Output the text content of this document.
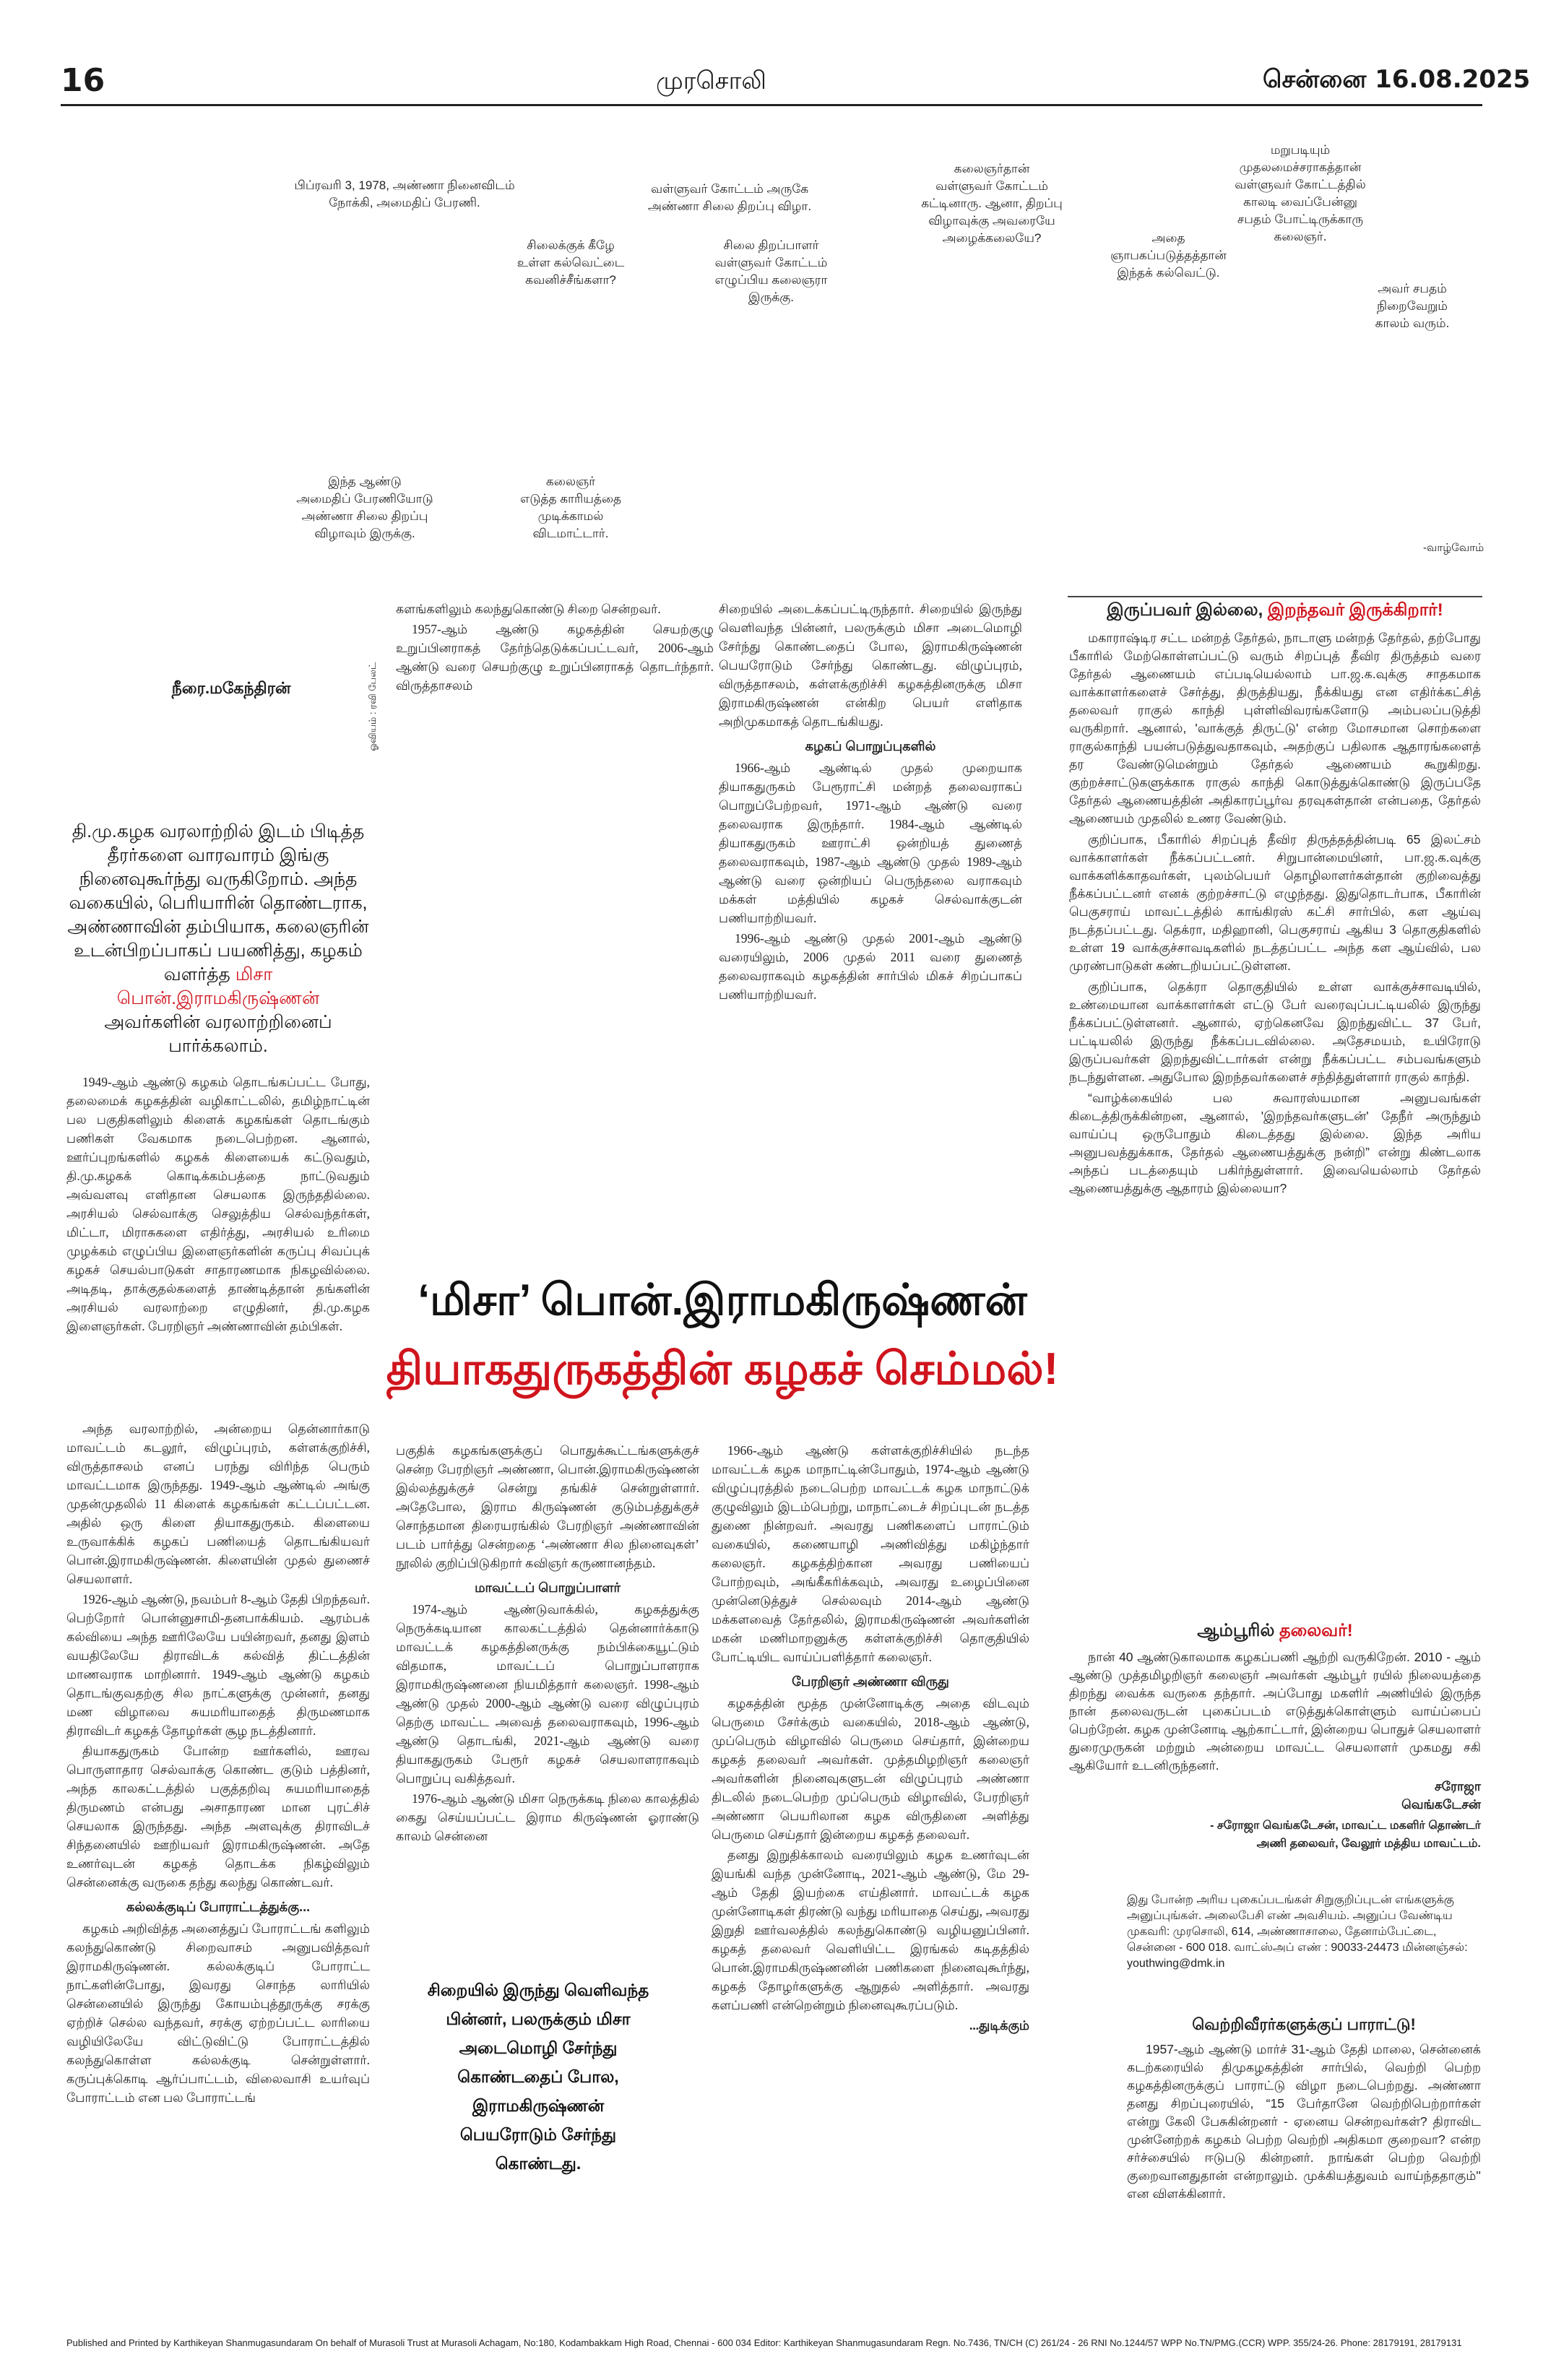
16	முரசொலி	சென்னை 16.08.2025
பிப்ரவரி 3, 1978, அண்ணா நினைவிடம்
நோக்கி, அமைதிப் பேரணி.
வள்ளுவர் கோட்டம் அருகே
அண்ணா சிலை திறப்பு விழா.
சிலைக்குக் கீழே
உள்ள கல்வெட்டை
கவனிச்சீங்களா?
சிலை திறப்பாளர்
வள்ளுவர் கோட்டம்
எழுப்பிய கலைஞரா
இருக்கு.
கலைஞர்தான்
வள்ளுவர் கோட்டம்
கட்டினாரு. ஆனா, திறப்பு
விழாவுக்கு அவரையே
அழைக்கலையே?	அதை
ஞாபகப்படுத்தத்தான்
இந்தக் கல்வெட்டு.
மறுபடியும்
முதலமைச்சராகத்தான்
வள்ளுவர் கோட்டத்தில்
காலடி வைப்பேன்னு
சபதம் போட்டிருக்காரு
கலைஞர்.
அவர் சபதம்
நிறைவேறும்
காலம் வரும்.
இந்த ஆண்டு
அமைதிப் பேரணியோடு
அண்ணா சிலை திறப்பு
விழாவும் இருக்கு.
கலைஞர்
எடுத்த காரியத்தை
முடிக்காமல்
விடமாட்டார்.
-வாழ்வோம்
நீரை.மகேந்திரன்	ஓவியம் : ரவி பேலட்
தி.மு.கழக வரலாற்றில் இடம் பிடித்த தீரர்களை வாரவாரம் இங்கு நினைவுகூர்ந்து வருகிறோம். அந்த வகையில், பெரியாரின் தொண்டராக, அண்ணாவின் தம்பியாக, கலைஞரின் உடன்பிறப்பாகப் பயணித்து, கழகம் வளர்த்த மிசா பொன்.இராமகிருஷ்ணன் அவர்களின் வரலாற்றினைப் பார்க்கலாம்.

1949-ஆம் ஆண்டு கழகம் தொடங்கப்பட்ட போது, தலைமைக் கழகத்தின் வழிகாட்டலில், தமிழ்நாட்டின் பல பகுதிகளிலும் கிளைக் கழகங்கள் தொடங்கும் பணிகள் வேகமாக நடைபெற்றன. ஆனால், ஊர்ப்புறங்களில் கழகக் கிளையைக் கட்டுவதும், தி.மு.கழகக் கொடிக்கம்பத்தை நாட்டுவதும் அவ்வளவு எளிதான செயலாக இருந்ததில்லை. அரசியல் செல்வாக்கு செலுத்திய செல்வந்தர்கள், மிட்டா, மிராசுகளை எதிர்த்து, அரசியல் உரிமை முழக்கம் எழுப்பிய இளைஞர்களின் கருப்பு சிவப்புக் கழகச் செயல்பாடுகள் சாதாரணமாக நிகழவில்லை. அடிதடி, தாக்குதல்களைத் தாண்டித்தான் தங்களின் அரசியல் வரலாற்றை எழுதினர், தி.மு.கழக இளைஞர்கள். பேரறிஞர் அண்ணாவின் தம்பிகள்.

களங்களிலும் கலந்துகொண்டு சிறை சென்றவர்.

1957-ஆம் ஆண்டு கழகத்தின் செயற்குழு உறுப்பினராகத் தேர்ந்தெடுக்கப்பட்டவர், 2006-ஆம் ஆண்டு வரை செயற்குழு உறுப்பினராகத் தொடர்ந்தார். விருத்தாசலம்

சிறையில் அடைக்கப்பட்டிருந்தார். சிறையில் இருந்து வெளிவந்த பின்னர், பலருக்கும் மிசா அடைமொழி சேர்ந்து கொண்டதைப் போல, இராமகிருஷ்ணன் பெயரோடும் சேர்ந்து கொண்டது. விழுப்புரம், விருத்தாசலம், கள்ளக்குறிச்சி கழகத்தினருக்கு மிசா இராமகிருஷ்ணன் என்கிற பெயர் எளிதாக அறிமுகமாகத் தொடங்கியது.

கழகப் பொறுப்புகளில்

1966-ஆம் ஆண்டில் முதல் முறையாக தியாகதுருகம் பேரூராட்சி மன்றத் தலைவராகப் பொறுப்பேற்றவர், 1971-ஆம் ஆண்டு வரை தலைவராக இருந்தார். 1984-ஆம் ஆண்டில் தியாகதுருகம் ஊராட்சி ஒன்றியத் துணைத் தலைவராகவும், 1987-ஆம் ஆண்டு முதல் 1989-ஆம் ஆண்டு வரை ஒன்றியப் பெருந்தலை வராகவும் மக்கள் மத்தியில் கழகச் செல்வாக்குடன் பணியாற்றியவர்.

1996-ஆம் ஆண்டு முதல் 2001-ஆம் ஆண்டு வரையிலும், 2006 முதல் 2011 வரை துணைத் தலைவராகவும் கழகத்தின் சார்பில் மிகச் சிறப்பாகப் பணியாற்றியவர்.

‘மிசா’ பொன்.இராமகிருஷ்ணன்
தியாகதுருகத்தின் கழகச் செம்மல்!

அந்த வரலாற்றில், அன்றைய தென்னார்காடு மாவட்டம் கடலூர், விழுப்புரம், கள்ளக்குறிச்சி, விருத்தாசலம் எனப் பரந்து விரிந்த பெரும் மாவட்டமாக இருந்தது. 1949-ஆம் ஆண்டில் அங்கு முதன்முதலில் 11 கிளைக் கழகங்கள் கட்டப்பட்டன. அதில் ஒரு கிளை தியாகதுருகம். கிளையை உருவாக்கிக் கழகப் பணியைத் தொடங்கியவர் பொன்.இராமகிருஷ்ணன். கிளையின் முதல் துணைச் செயலாளர்.

1926-ஆம் ஆண்டு, நவம்பர் 8-ஆம் தேதி பிறந்தவர். பெற்றோர் பொன்னுசாமி-தனபாக்கியம். ஆரம்பக் கல்வியை அந்த ஊரிலேயே பயின்றவர், தனது இளம் வயதிலேயே திராவிடக் கல்வித் திட்டத்தின் மாணவராக மாறினார். 1949-ஆம் ஆண்டு கழகம் தொடங்குவதற்கு சில நாட்களுக்கு முன்னர், தனது மண விழாவை சுயமரியாதைத் திருமணமாக திராவிடர் கழகத் தோழர்கள் சூழ நடத்தினார்.

தியாகதுருகம் போன்ற ஊர்களில், ஊரவ பொருளாதார செல்வாக்கு கொண்ட குடும் பத்தினர், அந்த காலகட்டத்தில் பகுத்தறிவு சுயமரியாதைத் திருமணம் என்பது அசாதாரண மான புரட்சிச் செயலாக இருந்தது. அந்த அளவுக்கு திராவிடச் சிந்தனையில் ஊறியவர் இராமகிருஷ்ணன். அதே உணர்வுடன் கழகத் தொடக்க நிகழ்விலும் சென்னைக்கு வருகை தந்து கலந்து கொண்டவர்.

கல்லக்குடிப் போராட்டத்துக்கு...

கழகம் அறிவித்த அனைத்துப் போராட்டங் களிலும் கலந்துகொண்டு சிறைவாசம் அனுபவித்தவர் இராமகிருஷ்ணன். கல்லக்குடிப் போராட்ட நாட்களின்போது, இவரது சொந்த லாரியில் சென்னையில் இருந்து கோயம்புத்தூருக்கு சரக்கு ஏற்றிச் செல்ல வந்தவர், சரக்கு ஏற்றப்பட்ட லாரியை வழியிலேயே விட்டுவிட்டு போராட்டத்தில் கலந்துகொள்ள கல்லக்குடி சென்றுள்ளார். கருப்புக்கொடி ஆர்ப்பாட்டம், விலைவாசி உயர்வுப் போராட்டம் என பல போராட்டங்

பகுதிக் கழகங்களுக்குப் பொதுக்கூட்டங்களுக்குச் சென்ற பேரறிஞர் அண்ணா, பொன்.இராமகிருஷ்ணன் இல்லத்துக்குச் சென்று தங்கிச் சென்றுள்ளார். அதேபோல, இராம கிருஷ்ணன் குடும்பத்துக்குச் சொந்தமான திரையரங்கில் பேரறிஞர் அண்ணாவின் படம் பார்த்து சென்றதை ‘அண்ணா சில நினைவுகள்’ நூலில் குறிப்பிடுகிறார் கவிஞர் கருணானந்தம்.

மாவட்டப் பொறுப்பாளர்

1974-ஆம் ஆண்டுவாக்கில், கழகத்துக்கு நெருக்கடியான காலகட்டத்தில் தென்னார்க்காடு மாவட்டக் கழகத்தினருக்கு நம்பிக்கையூட்டும் விதமாக, மாவட்டப் பொறுப்பாளராக இராமகிருஷ்ணனை நியமித்தார் கலைஞர். 1998-ஆம் ஆண்டு முதல் 2000-ஆம் ஆண்டு வரை விழுப்புரம் தெற்கு மாவட்ட அவைத் தலைவராகவும், 1996-ஆம் ஆண்டு தொடங்கி, 2021-ஆம் ஆண்டு வரை தியாகதுருகம் பேரூர் கழகச் செயலாளராகவும் பொறுப்பு வகித்தவர்.

1976-ஆம் ஆண்டு மிசா நெருக்கடி நிலை காலத்தில் கைது செய்யப்பட்ட இராம கிருஷ்ணன் ஓராண்டு காலம் சென்னை

சிறையில் இருந்து வெளிவந்த பின்னர், பலருக்கும் மிசா அடைமொழி சேர்ந்து கொண்டதைப் போல, இராமகிருஷ்ணன் பெயரோடும் சேர்ந்து கொண்டது.

1966-ஆம் ஆண்டு கள்ளக்குறிச்சியில் நடந்த மாவட்டக் கழக மாநாட்டின்போதும், 1974-ஆம் ஆண்டு விழுப்புரத்தில் நடைபெற்ற மாவட்டக் கழக மாநாட்டுக் குழுவிலும் இடம்பெற்று, மாநாட்டைச் சிறப்புடன் நடத்த துணை நின்றவர். அவரது பணிகளைப் பாராட்டும் வகையில், கணையாழி அணிவித்து மகிழ்ந்தார் கலைஞர். கழகத்திற்கான அவரது பணியைப் போற்றவும், அங்கீகரிக்கவும், அவரது உழைப்பினை முன்னெடுத்துச் செல்லவும் 2014-ஆம் ஆண்டு மக்களவைத் தேர்தலில், இராமகிருஷ்ணன் அவர்களின் மகன் மணிமாறனுக்கு கள்ளக்குறிச்சி தொகுதியில் போட்டியிட வாய்ப்பளித்தார் கலைஞர்.

பேரறிஞர் அண்ணா விருது

கழகத்தின் மூத்த முன்னோடிக்கு அதை விடவும் பெருமை சேர்க்கும் வகையில், 2018-ஆம் ஆண்டு, முப்பெரும் விழாவில் பெருமை செய்தார், இன்றைய கழகத் தலைவர் அவர்கள். முத்தமிழறிஞர் கலைஞர் அவர்களின் நினைவுகளுடன் விழுப்புரம் அண்ணா திடலில் நடைபெற்ற முப்பெரும் விழாவில், பேரறிஞர் அண்ணா பெயரிலான கழக விருதினை அளித்து பெருமை செய்தார் இன்றைய கழகத் தலைவர்.

தனது இறுதிக்காலம் வரையிலும் கழக உணர்வுடன் இயங்கி வந்த முன்னோடி, 2021-ஆம் ஆண்டு, மே 29-ஆம் தேதி இயற்கை எய்தினார். மாவட்டக் கழக முன்னோடிகள் திரண்டு வந்து மரியாதை செய்து, அவரது இறுதி ஊர்வலத்தில் கலந்துகொண்டு வழியனுப்பினர். கழகத் தலைவர் வெளியிட்ட இரங்கல் கடிதத்தில் பொன்.இராமகிருஷ்ணனின் பணிகளை நினைவுகூர்ந்து, கழகத் தோழர்களுக்கு ஆறுதல் அளித்தார். அவரது களப்பணி என்றென்றும் நினைவுகூரப்படும்.

...துடிக்கும்

இருப்பவர் இல்லை, இறந்தவர் இருக்கிறார்!

மகாராஷ்டிர சட்ட மன்றத் தேர்தல், நாடாளு மன்றத் தேர்தல், தற்போது பீகாரில் மேற்கொள்ளப்பட்டு வரும் சிறப்புத் தீவிர திருத்தம் வரை தேர்தல் ஆணையம் எப்படியெல்லாம் பா.ஜ.க.வுக்கு சாதகமாக வாக்காளர்களைச் சேர்த்து, திருத்தியது, நீக்கியது என எதிர்க்கட்சித் தலைவர் ராகுல் காந்தி புள்ளிவிவரங்களோடு அம்பலப்படுத்தி வருகிறார். ஆனால், 'வாக்குத் திருட்டு' என்ற மோசமான சொற்களை ராகுல்காந்தி பயன்படுத்துவதாகவும், அதற்குப் பதிலாக ஆதாரங்களைத் தர வேண்டுமென்றும் தேர்தல் ஆணையம் கூறுகிறது. குற்றச்சாட்டுகளுக்காக ராகுல் காந்தி கொடுத்துக்கொண்டு இருப்பதே தேர்தல் ஆணையத்தின் அதிகாரப்பூர்வ தரவுகள்தான் என்பதை, தேர்தல் ஆணையம் முதலில் உணர வேண்டும்.

குறிப்பாக, பீகாரில் சிறப்புத் தீவிர திருத்தத்தின்படி 65 இலட்சம் வாக்காளர்கள் நீக்கப்பட்டனர். சிறுபான்மையினர், பா.ஜ.க.வுக்கு வாக்களிக்காதவர்கள், புலம்பெயர் தொழிலாளர்கள்தான் குறிவைத்து நீக்கப்பட்டனர் எனக் குற்றச்சாட்டு எழுந்தது. இதுதொடர்பாக, பீகாரின் பெகுசராய் மாவட்டத்தில் காங்கிரஸ் கட்சி சார்பில், கள ஆய்வு நடத்தப்பட்டது. தெக்ரா, மதிஹானி, பெகுசராய் ஆகிய 3 தொகுதிகளில் உள்ள 19 வாக்குச்சாவடிகளில் நடத்தப்பட்ட அந்த கள ஆய்வில், பல முரண்பாடுகள் கண்டறியப்பட்டுள்ளன.

குறிப்பாக, தெக்ரா தொகுதியில் உள்ள வாக்குச்சாவடியில், உண்மையான வாக்காளர்கள் எட்டு பேர் வரைவுப்பட்டியலில் இருந்து நீக்கப்பட்டுள்ளனர். ஆனால், ஏற்கெனவே இறந்துவிட்ட 37 பேர், பட்டியலில் இருந்து நீக்கப்படவில்லை. அதேசமயம், உயிரோடு இருப்பவர்கள் இறந்துவிட்டார்கள் என்று நீக்கப்பட்ட சம்பவங்களும் நடந்துள்ளன. அதுபோல இறந்தவர்களைச் சந்தித்துள்ளார் ராகுல் காந்தி.

“வாழ்க்கையில் பல சுவாரஸ்யமான அனுபவங்கள் கிடைத்திருக்கின்றன, ஆனால், 'இறந்தவர்களுடன்' தேநீர் அருந்தும் வாய்ப்பு ஒருபோதும் கிடைத்தது இல்லை. இந்த அரிய அனுபவத்துக்காக, தேர்தல் ஆணையத்துக்கு நன்றி” என்று கிண்டலாக அந்தப் படத்தையும் பகிர்ந்துள்ளார். இவையெல்லாம் தேர்தல் ஆணையத்துக்கு ஆதாரம் இல்லையா?

ஆம்பூரில் தலைவர்!

நான் 40 ஆண்டுகாலமாக கழகப்பணி ஆற்றி வருகிறேன். 2010 - ஆம் ஆண்டு முத்தமிழறிஞர் கலைஞர் அவர்கள் ஆம்பூர் ரயில் நிலையத்தை திறந்து வைக்க வருகை தந்தார். அப்போது மகளிர் அணியில் இருந்த நான் தலைவருடன் புகைப்படம் எடுத்துக்கொள்ளும் வாய்ப்பைப் பெற்றேன். கழக முன்னோடி ஆற்காட்டார், இன்றைய பொதுச் செயலாளர் துரைமுருகன் மற்றும் அன்றைய மாவட்ட செயலாளர் முகமது சகி ஆகியோர் உடனிருந்தனர்.

சரோஜா
வெங்கடேசன்

- சரோஜா வெங்கடேசன், மாவட்ட மகளிர் தொண்டர்
அணி தலைவர், வேலூர் மத்திய மாவட்டம்.
இது போன்ற அரிய புகைப்படங்கள் சிறுகுறிப்புடன் எங்களுக்கு அனுப்புங்கள். அலைபேசி எண் அவசியம். அனுப்ப வேண்டிய முகவரி: முரசொலி, 614, அண்ணாசாலை, தேனாம்பேட்டை, சென்னை - 600 018. வாட்ஸ்அப் எண் : 90033-24473 மின்னஞ்சல்: youthwing@dmk.in
வெற்றிவீரர்களுக்குப் பாராட்டு!

1957-ஆம் ஆண்டு மார்ச் 31-ஆம் தேதி மாலை, சென்னைக் கடற்கரையில் திமுகழகத்தின் சார்பில், வெற்றி பெற்ற கழகத்தினருக்குப் பாராட்டு விழா நடைபெற்றது. அண்ணா தனது சிறப்புரையில், “15 பேர்தானே வெற்றிபெற்றார்கள் என்று கேலி பேசுகின்றனர் - ஏனைய சென்றவர்கள்? திராவிட முன்னேற்றக் கழகம் பெற்ற வெற்றி அதிகமா குறைவா? என்ற சர்ச்சையில் ஈடுபடு கின்றனர். நாங்கள் பெற்ற வெற்றி குறைவானதுதான் என்றாலும். முக்கியத்துவம் வாய்ந்ததாகும்'' என விளக்கினார்.

Published and Printed by Karthikeyan Shanmugasundaram On behalf of Murasoli Trust at Murasoli Achagam, No:180, Kodambakkam High Road, Chennai - 600 034 Editor: Karthikeyan Shanmugasundaram Regn. No.7436, TN/CH (C) 261/24 - 26 RNI No.1244/57 WPP No.TN/PMG.(CCR) WPP. 355/24-26. Phone: 28179191, 28179131
